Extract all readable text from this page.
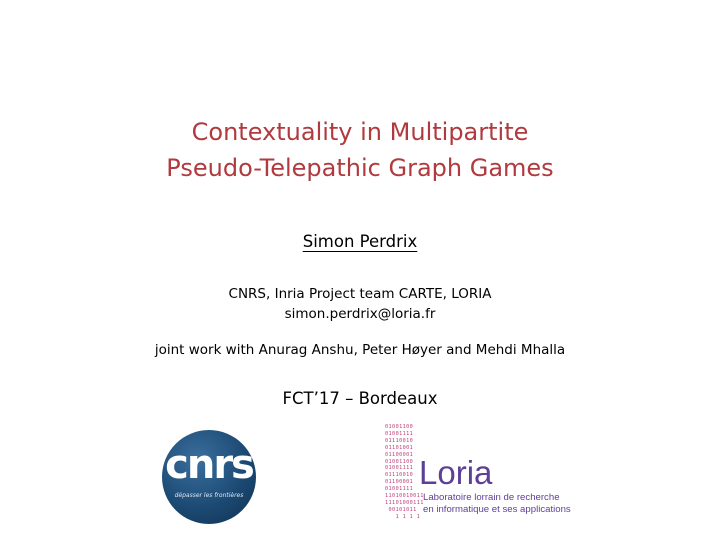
Contextuality in Multipartite
Pseudo-Telepathic Graph Games
Simon Perdrix
CNRS, Inria Project team CARTE, LORIA
simon.perdrix@loria.fr
joint work with Anurag Anshu, Peter Høyer and Mehdi Mhalla
FCT’17 – Bordeaux
cnrs
dépasser les frontières
01001100
01001111
01110010
01101001
01100001
01001100
01001111
01110010
01100001
01001111
11010010011
11101000111
00101011
1 1 1 1
Loria
Laboratoire lorrain de recherche
en informatique et ses applications
